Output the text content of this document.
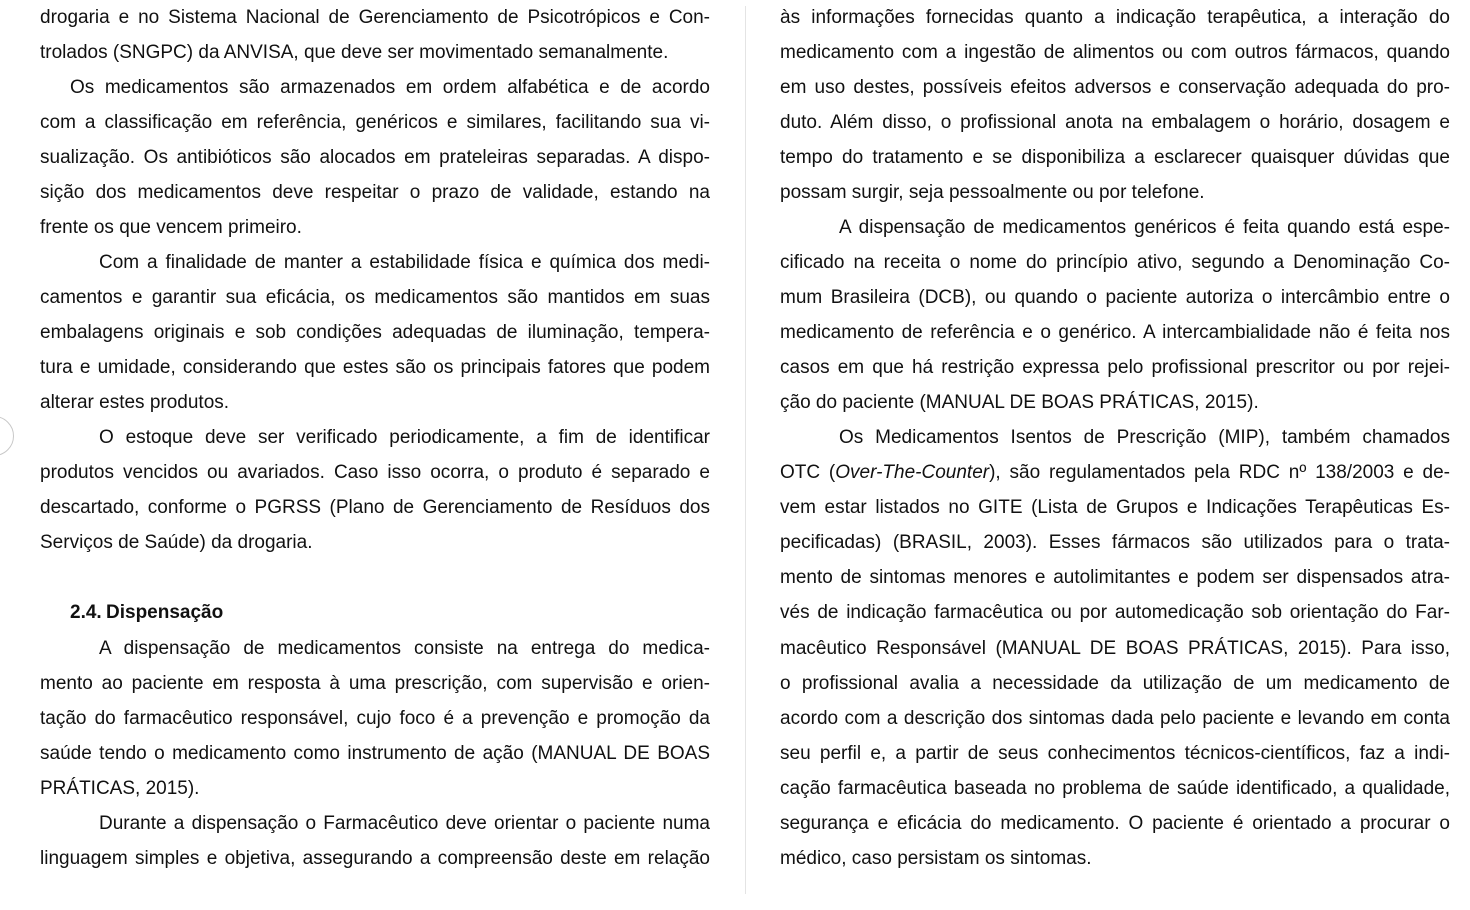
drogaria e no Sistema Nacional de Gerenciamento de Psicotrópicos e Con-
trolados (SNGPC) da ANVISA, que deve ser movimentado semanalmente.
Os medicamentos são armazenados em ordem alfabética e de acordo
com a classificação em referência, genéricos e similares, facilitando sua vi-
sualização. Os antibióticos são alocados em prateleiras separadas. A dispo-
sição dos medicamentos deve respeitar o prazo de validade, estando na
frente os que vencem primeiro.
Com a finalidade de manter a estabilidade física e química dos medi-
camentos e garantir sua eficácia, os medicamentos são mantidos em suas
embalagens originais e sob condições adequadas de iluminação, tempera-
tura e umidade, considerando que estes são os principais fatores que podem
alterar estes produtos.
O estoque deve ser verificado periodicamente, a fim de identificar
produtos vencidos ou avariados. Caso isso ocorra, o produto é separado e
descartado, conforme o PGRSS (Plano de Gerenciamento de Resíduos dos
Serviços de Saúde) da drogaria.
2.4. Dispensação
A dispensação de medicamentos consiste na entrega do medica-
mento ao paciente em resposta à uma prescrição, com supervisão e orien-
tação do farmacêutico responsável, cujo foco é a prevenção e promoção da
saúde tendo o medicamento como instrumento de ação (MANUAL DE BOAS
PRÁTICAS, 2015).
Durante a dispensação o Farmacêutico deve orientar o paciente numa
linguagem simples e objetiva, assegurando a compreensão deste em relação
às informações fornecidas quanto a indicação terapêutica, a interação do
medicamento com a ingestão de alimentos ou com outros fármacos, quando
em uso destes, possíveis efeitos adversos e conservação adequada do pro-
duto. Além disso, o profissional anota na embalagem o horário, dosagem e
tempo do tratamento e se disponibiliza a esclarecer quaisquer dúvidas que
possam surgir, seja pessoalmente ou por telefone.
A dispensação de medicamentos genéricos é feita quando está espe-
cificado na receita o nome do princípio ativo, segundo a Denominação Co-
mum Brasileira (DCB), ou quando o paciente autoriza o intercâmbio entre o
medicamento de referência e o genérico. A intercambialidade não é feita nos
casos em que há restrição expressa pelo profissional prescritor ou por rejei-
ção do paciente (MANUAL DE BOAS PRÁTICAS, 2015).
Os Medicamentos Isentos de Prescrição (MIP), também chamados
OTC (Over-The-Counter), são regulamentados pela RDC nº 138/2003 e de-
vem estar listados no GITE (Lista de Grupos e Indicações Terapêuticas Es-
pecificadas) (BRASIL, 2003). Esses fármacos são utilizados para o trata-
mento de sintomas menores e autolimitantes e podem ser dispensados atra-
vés de indicação farmacêutica ou por automedicação sob orientação do Far-
macêutico Responsável (MANUAL DE BOAS PRÁTICAS, 2015). Para isso,
o profissional avalia a necessidade da utilização de um medicamento de
acordo com a descrição dos sintomas dada pelo paciente e levando em conta
seu perfil e, a partir de seus conhecimentos técnicos-científicos, faz a indi-
cação farmacêutica baseada no problema de saúde identificado, a qualidade,
segurança e eficácia do medicamento. O paciente é orientado a procurar o
médico, caso persistam os sintomas.
